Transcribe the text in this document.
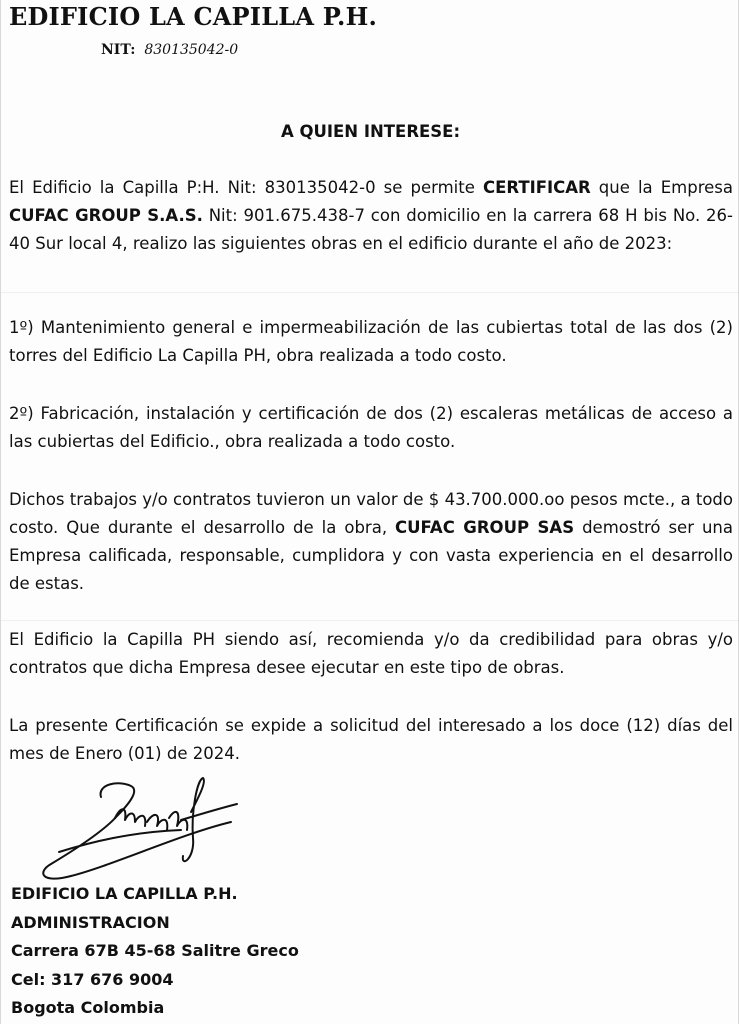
EDIFICIO LA CAPILLA P.H.
NIT: 830135042-0
A QUIEN INTERESE:

El Edificio la Capilla P:H. Nit: 830135042-0 se permite CERTIFICAR que la Empresa CUFAC GROUP S.A.S. Nit: 901.675.438-7 con domicilio en la carrera 68 H bis No. 26-40 Sur local 4, realizo las siguientes obras en el edificio durante el año de 2023:

1º) Mantenimiento general e impermeabilización de las cubiertas total de las dos (2) torres del Edificio La Capilla PH, obra realizada a todo costo.

2º) Fabricación, instalación y certificación de dos (2) escaleras metálicas de acceso a las cubiertas del Edificio., obra realizada a todo costo.

Dichos trabajos y/o contratos tuvieron un valor de $ 43.700.000.oo pesos mcte., a todo costo. Que durante el desarrollo de la obra, CUFAC GROUP SAS demostró ser una Empresa calificada, responsable, cumplidora y con vasta experiencia en el desarrollo de estas.

El Edificio la Capilla PH siendo así, recomienda y/o da credibilidad para obras y/o contratos que dicha Empresa desee ejecutar en este tipo de obras.

La presente Certificación se expide a solicitud del interesado a los doce (12) días del mes de Enero (01) de 2024.

EDIFICIO LA CAPILLA P.H.
ADMINISTRACION
Carrera 67B 45-68 Salitre Greco
Cel: 317 676 9004
Bogota Colombia
